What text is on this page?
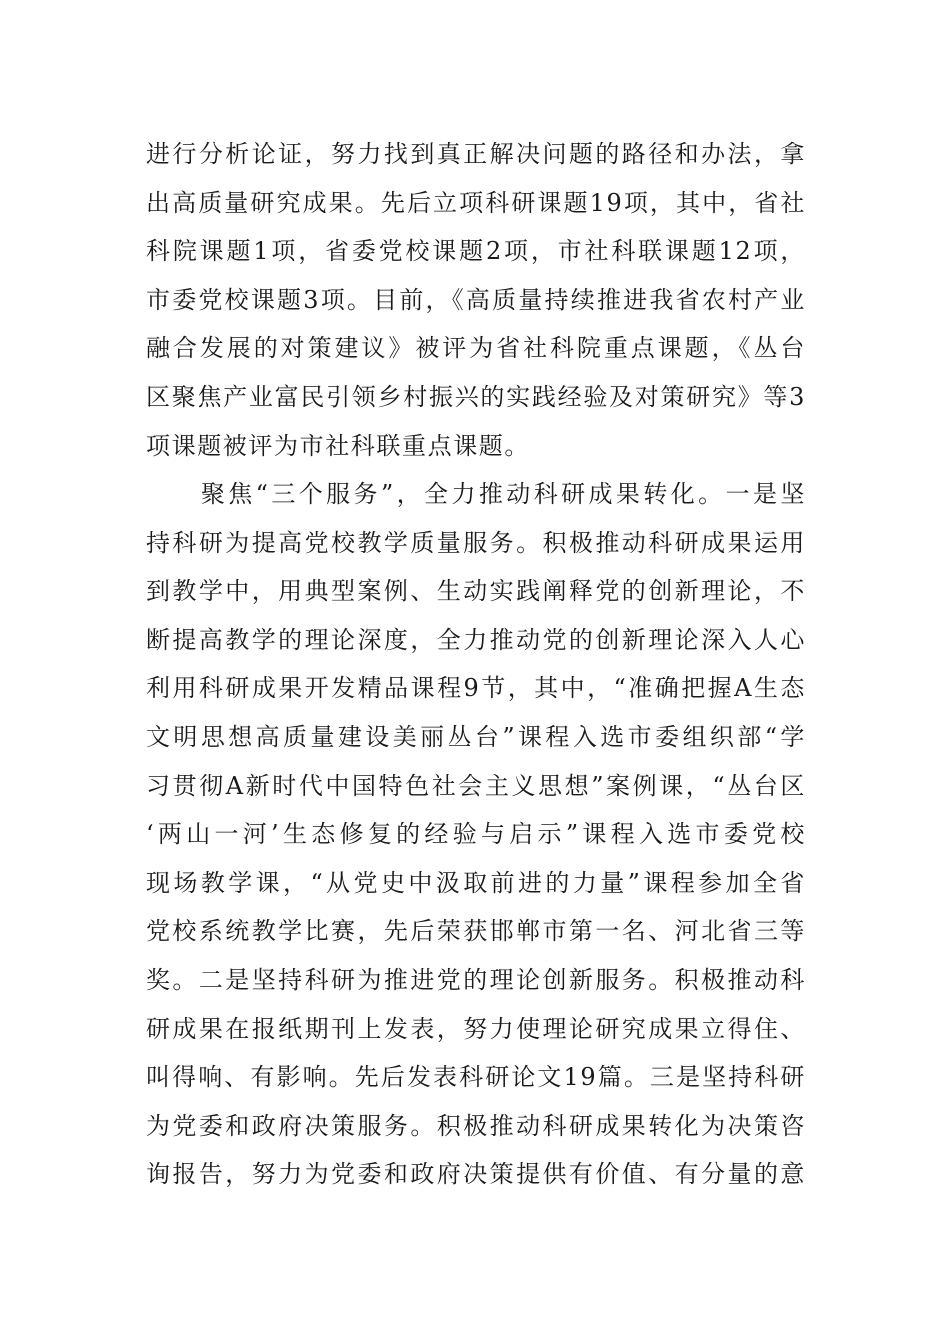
进行分析论证，努力找到真正解决问题的路径和办法，拿
出高质量研究成果。先后立项科研课题19项，其中，省社
科院课题1项，省委党校课题2项，市社科联课题12项，
市委党校课题3项。目前，《高质量持续推进我省农村产业
融合发展的对策建议》被评为省社科院重点课题，《丛台
区聚焦产业富民引领乡村振兴的实践经验及对策研究》等3
项课题被评为市社科联重点课题。
　　聚焦“三个服务”，全力推动科研成果转化。一是坚
持科研为提高党校教学质量服务。积极推动科研成果运用
到教学中，用典型案例、生动实践阐释党的创新理论，不
断提高教学的理论深度，全力推动党的创新理论深入人心
利用科研成果开发精品课程9节，其中，“准确把握A生态
文明思想高质量建设美丽丛台”课程入选市委组织部“学
习贯彻A新时代中国特色社会主义思想”案例课，“丛台区
‘两山一河’生态修复的经验与启示”课程入选市委党校
现场教学课，“从党史中汲取前进的力量”课程参加全省
党校系统教学比赛，先后荣获邯郸市第一名、河北省三等
奖。二是坚持科研为推进党的理论创新服务。积极推动科
研成果在报纸期刊上发表，努力使理论研究成果立得住、
叫得响、有影响。先后发表科研论文19篇。三是坚持科研
为党委和政府决策服务。积极推动科研成果转化为决策咨
询报告，努力为党委和政府决策提供有价值、有分量的意
